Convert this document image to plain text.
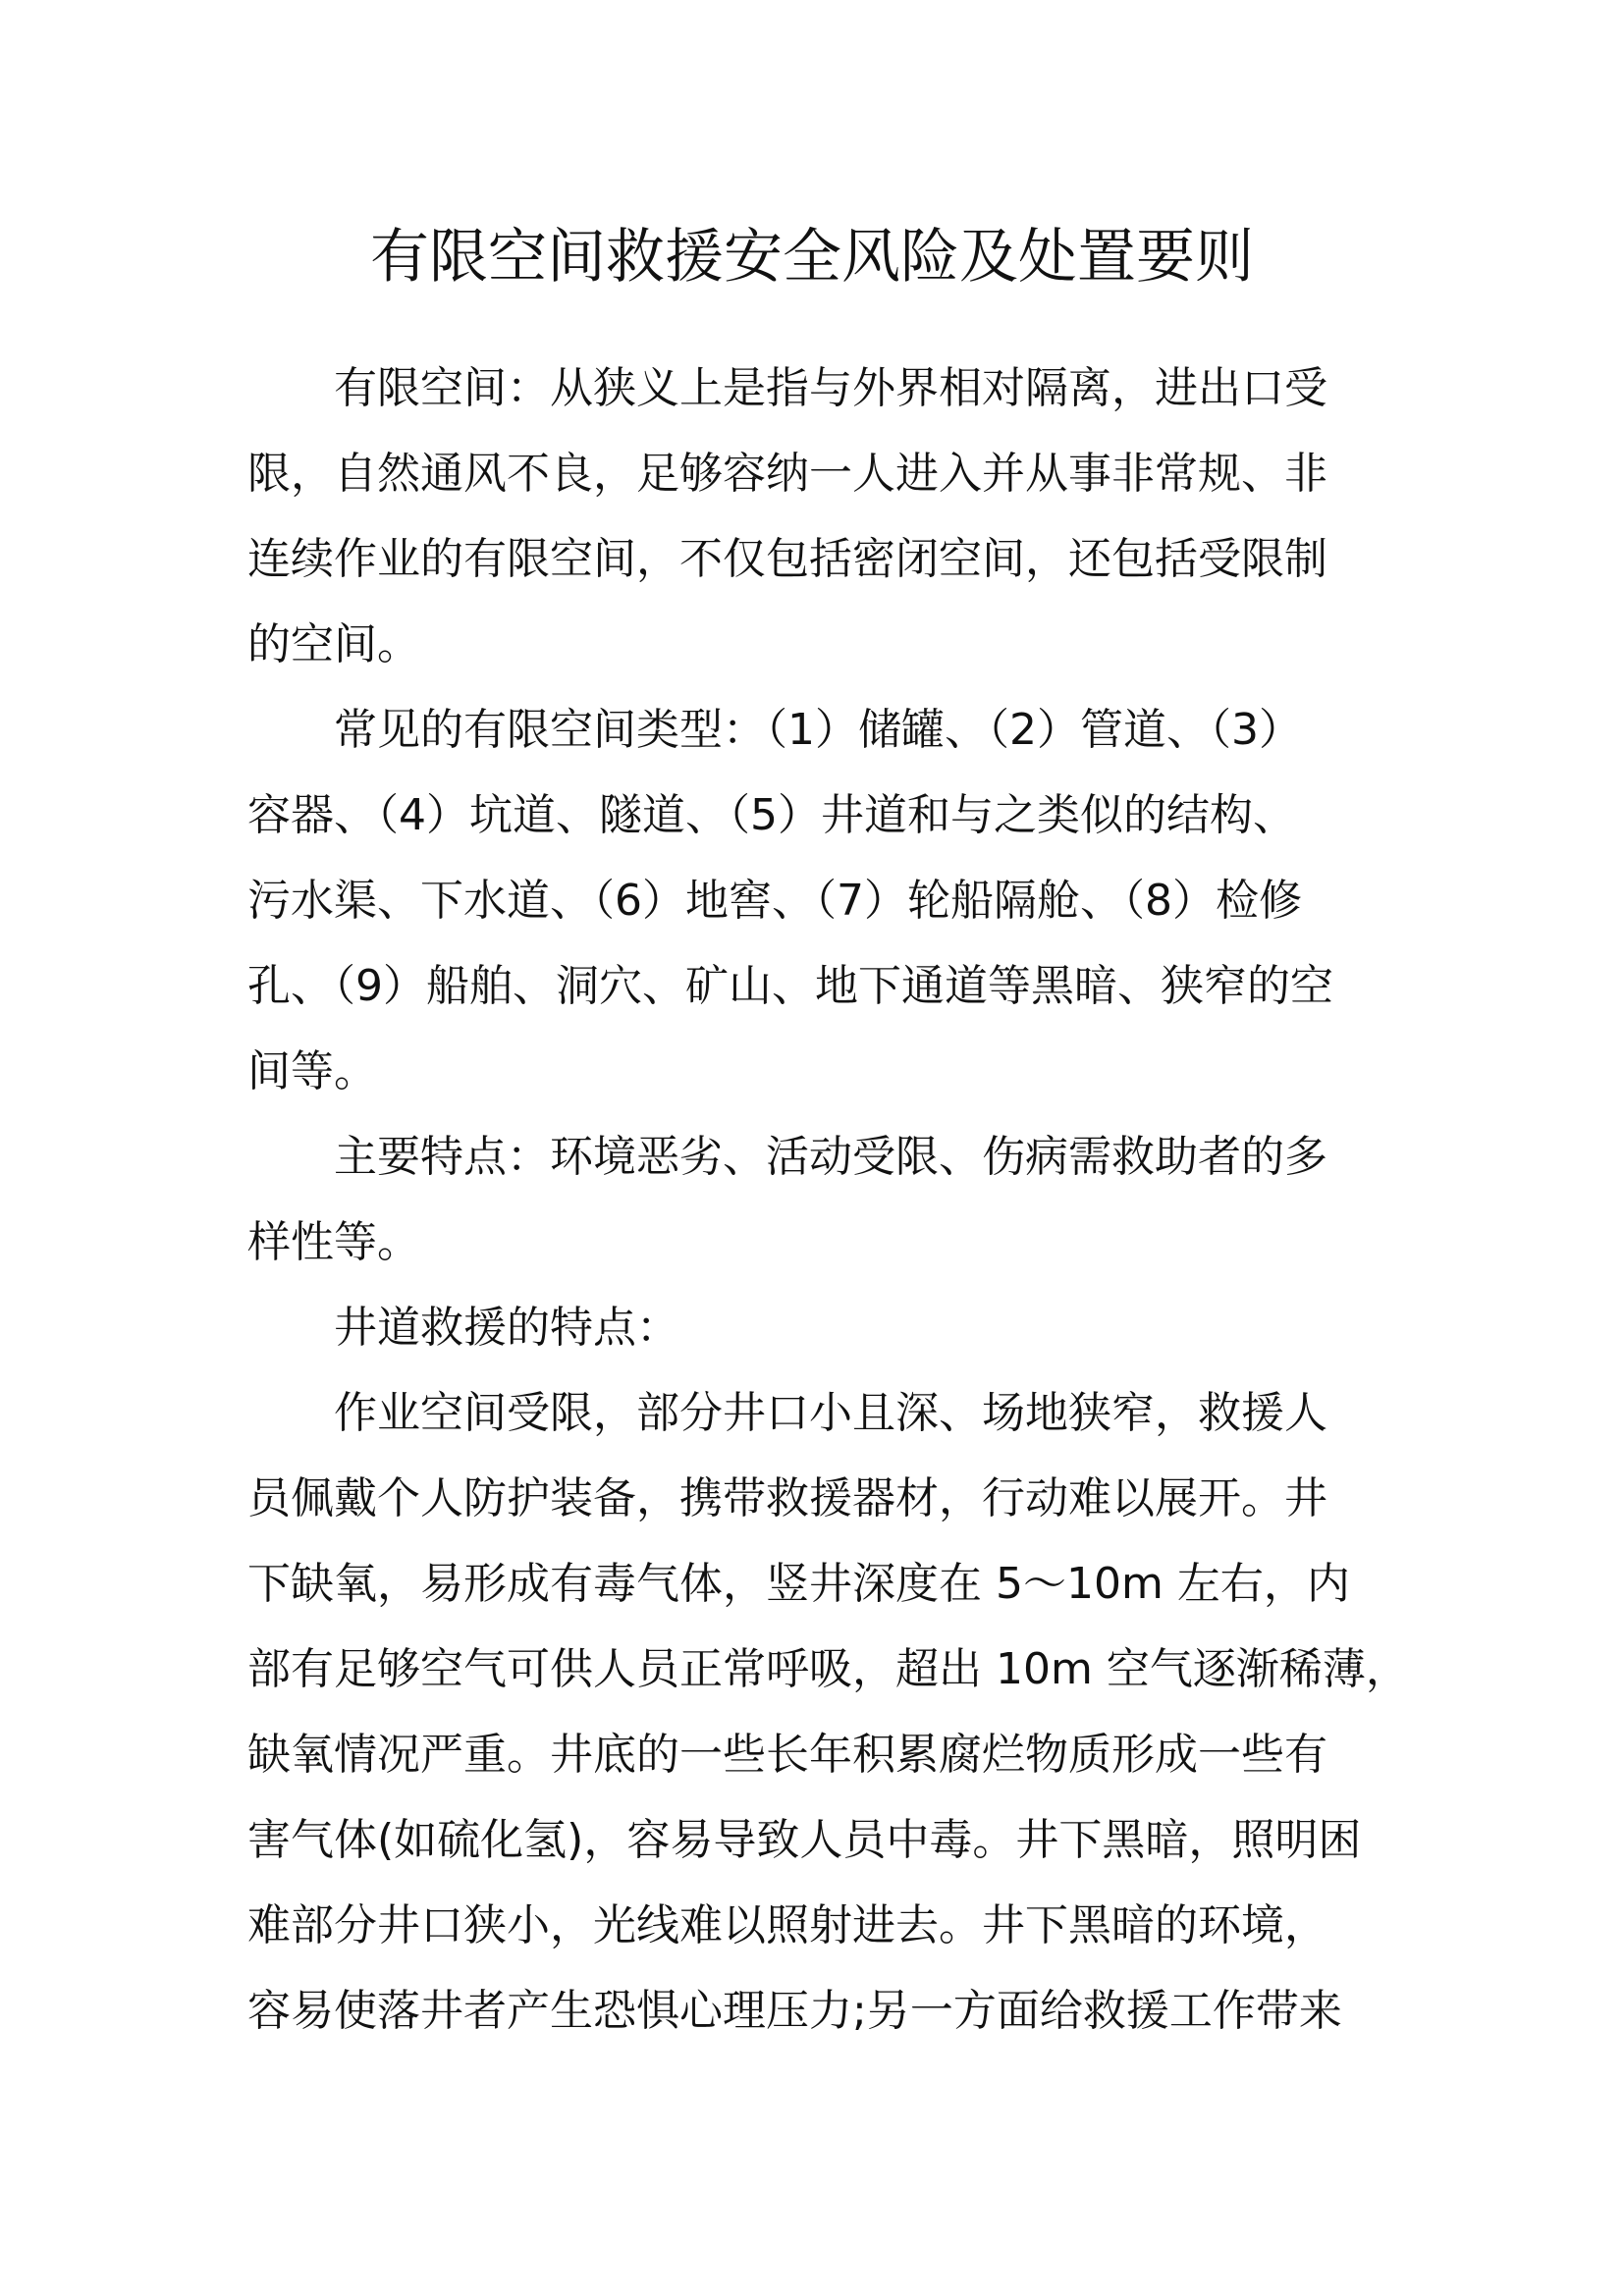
有限空间救援安全风险及处置要则
有限空间：从狭义上是指与外界相对隔离，进出口受
限，自然通风不良，足够容纳一人进入并从事非常规、非
连续作业的有限空间，不仅包括密闭空间，还包括受限制
的空间。
常见的有限空间类型：（1）储罐、（2）管道、（3）
容器、（4）坑道、隧道、（5）井道和与之类似的结构、
污水渠、下水道、（6）地窖、（7）轮船隔舱、（8）检修
孔、（9）船舶、洞穴、矿山、地下通道等黑暗、狭窄的空
间等。
主要特点：环境恶劣、活动受限、伤病需救助者的多
样性等。
井道救援的特点：
作业空间受限，部分井口小且深、场地狭窄，救援人
员佩戴个人防护装备，携带救援器材，行动难以展开。井
下缺氧，易形成有毒气体，竖井深度在 5～10m 左右，内
部有足够空气可供人员正常呼吸，超出 10m 空气逐渐稀薄，
缺氧情况严重。井底的一些长年积累腐烂物质形成一些有
害气体(如硫化氢)，容易导致人员中毒。井下黑暗，照明困
难部分井口狭小，光线难以照射进去。井下黑暗的环境，
容易使落井者产生恐惧心理压力;另一方面给救援工作带来
